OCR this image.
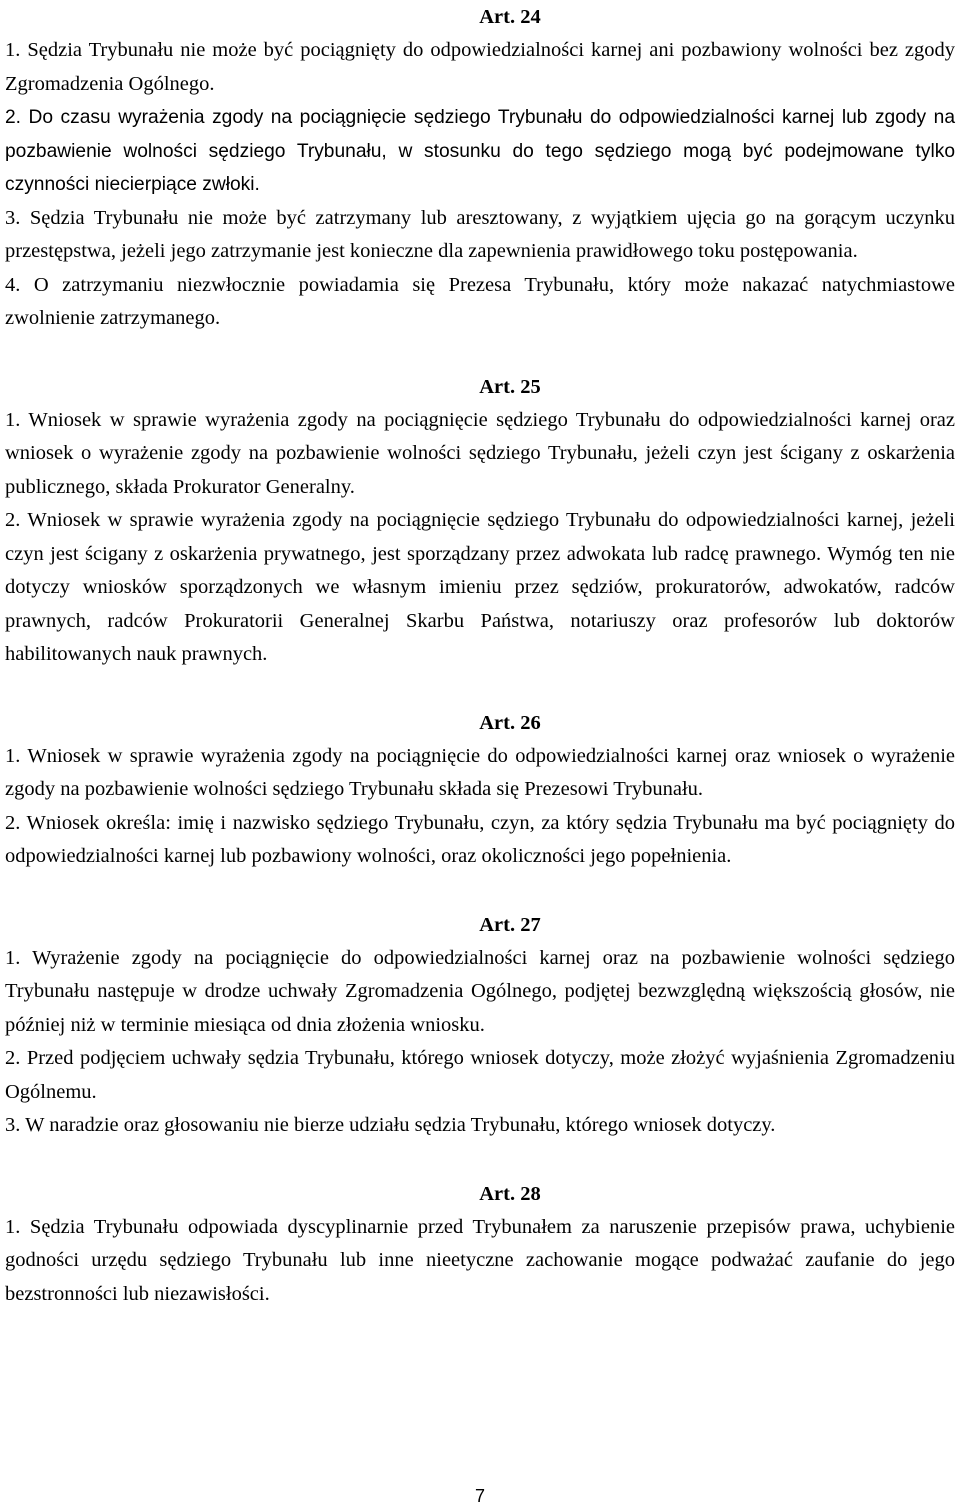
Art. 24

1. Sędzia Trybunału nie może być pociągnięty do odpowiedzialności karnej ani pozbawiony wolności bez zgody Zgromadzenia Ogólnego.

2. Do czasu wyrażenia zgody na pociągnięcie sędziego Trybunału do odpowiedzialności karnej lub zgody na pozbawienie wolności sędziego Trybunału, w stosunku do tego sędziego mogą być podejmowane tylko czynności niecierpiące zwłoki.

3. Sędzia Trybunału nie może być zatrzymany lub aresztowany, z wyjątkiem ujęcia go na gorącym uczynku przestępstwa, jeżeli jego zatrzymanie jest konieczne dla zapewnienia prawidłowego toku postępowania.

4. O zatrzymaniu niezwłocznie powiadamia się Prezesa Trybunału, który może nakazać natychmiastowe zwolnienie zatrzymanego.

Art. 25

1. Wniosek w sprawie wyrażenia zgody na pociągnięcie sędziego Trybunału do odpowiedzialności karnej oraz wniosek o wyrażenie zgody na pozbawienie wolności sędziego Trybunału, jeżeli czyn jest ścigany z oskarżenia publicznego, składa Prokurator Generalny.

2. Wniosek w sprawie wyrażenia zgody na pociągnięcie sędziego Trybunału do odpowiedzialności karnej, jeżeli czyn jest ścigany z oskarżenia prywatnego, jest sporządzany przez adwokata lub radcę prawnego. Wymóg ten nie dotyczy wniosków sporządzonych we własnym imieniu przez sędziów, prokuratorów, adwokatów, radców prawnych, radców Prokuratorii Generalnej Skarbu Państwa, notariuszy oraz profesorów lub doktorów habilitowanych nauk prawnych.

Art. 26

1. Wniosek w sprawie wyrażenia zgody na pociągnięcie do odpowiedzialności karnej oraz wniosek o wyrażenie zgody na pozbawienie wolności sędziego Trybunału składa się Prezesowi Trybunału.

2. Wniosek określa: imię i nazwisko sędziego Trybunału, czyn, za który sędzia Trybunału ma być pociągnięty do odpowiedzialności karnej lub pozbawiony wolności, oraz okoliczności jego popełnienia.

Art. 27

1. Wyrażenie zgody na pociągnięcie do odpowiedzialności karnej oraz na pozbawienie wolności sędziego Trybunału następuje w drodze uchwały Zgromadzenia Ogólnego, podjętej bezwzględną większością głosów, nie później niż w terminie miesiąca od dnia złożenia wniosku.

2. Przed podjęciem uchwały sędzia Trybunału, którego wniosek dotyczy, może złożyć wyjaśnienia Zgromadzeniu Ogólnemu.

3. W naradzie oraz głosowaniu nie bierze udziału sędzia Trybunału, którego wniosek dotyczy.

Art. 28

1. Sędzia Trybunału odpowiada dyscyplinarnie przed Trybunałem za naruszenie przepisów prawa, uchybienie godności urzędu sędziego Trybunału lub inne nieetyczne zachowanie mogące podważać zaufanie do jego bezstronności lub niezawisłości.

7
